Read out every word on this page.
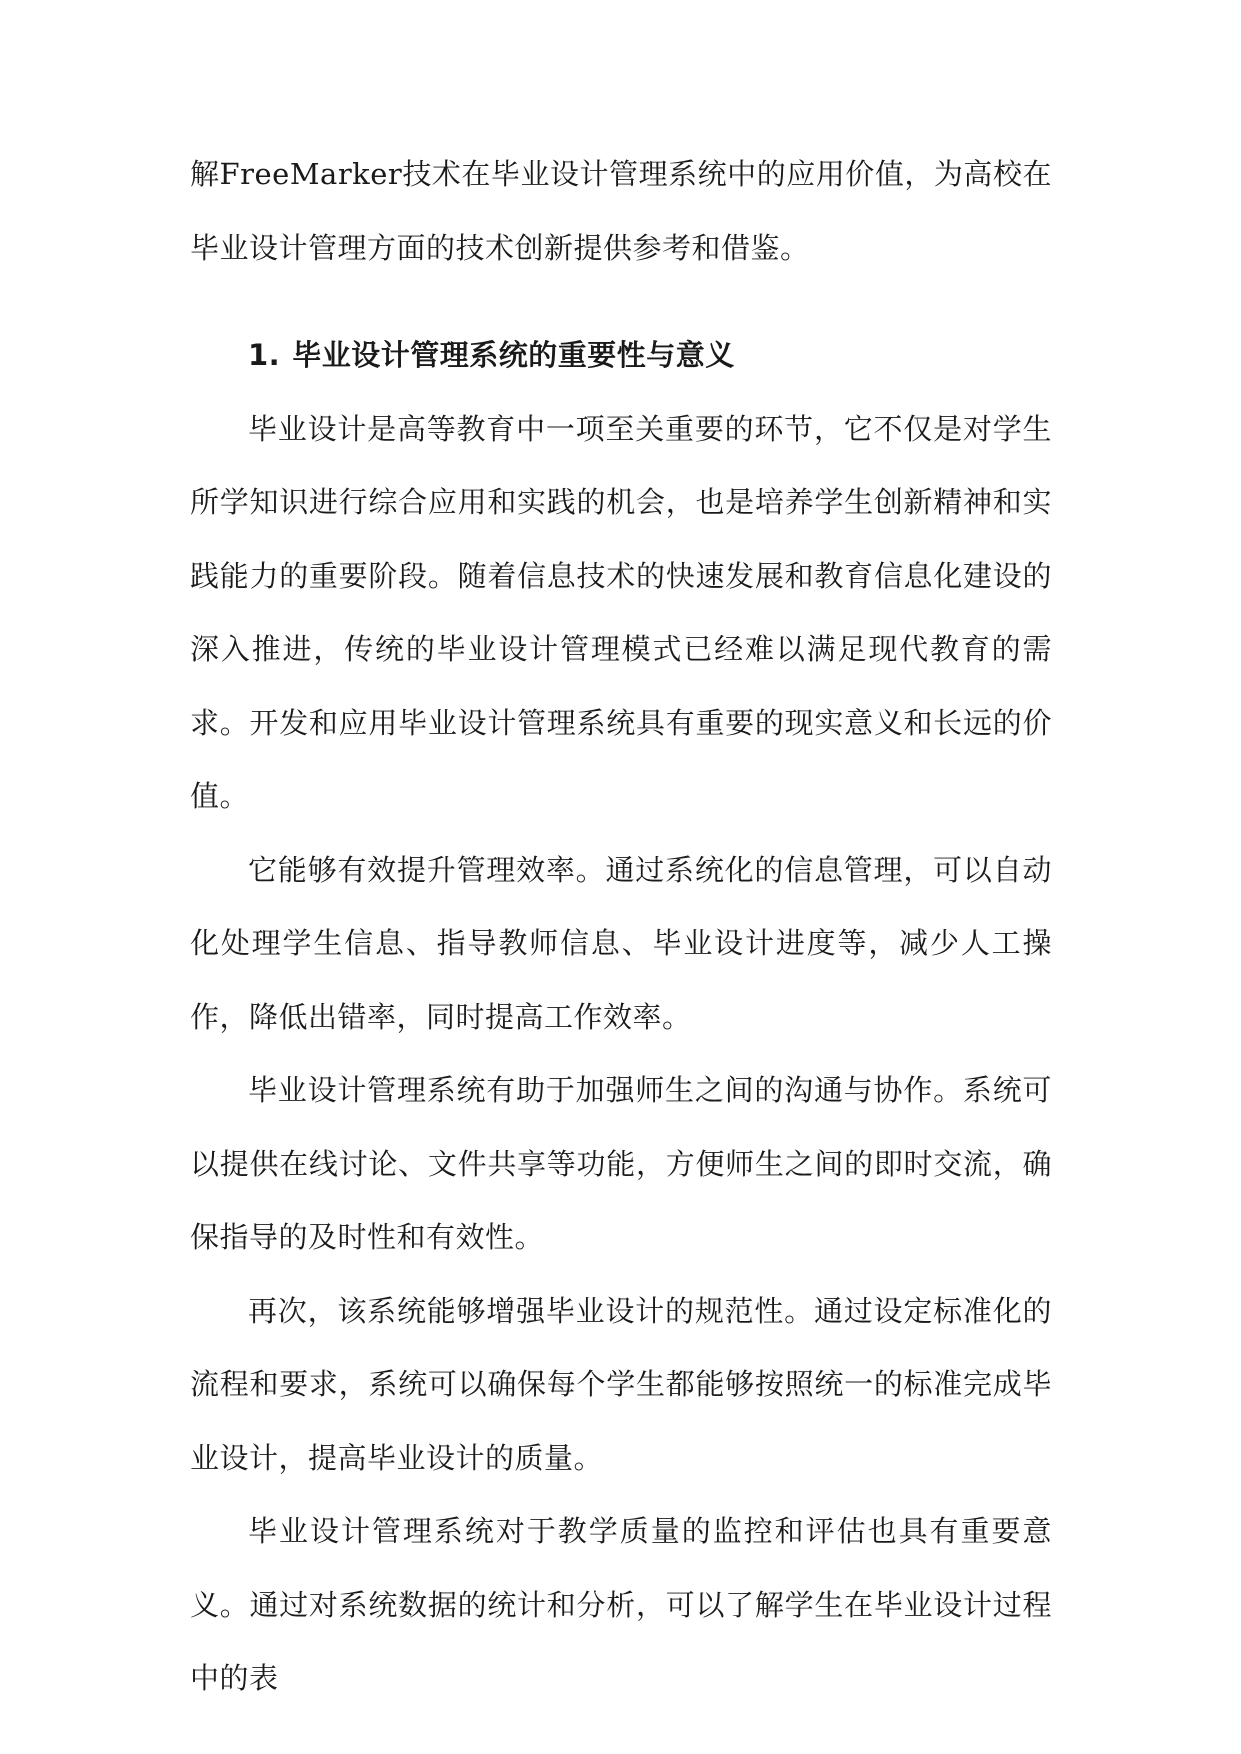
解FreeMarker技术在毕业设计管理系统中的应用价值，为高校在毕业设计管理方面的技术创新提供参考和借鉴。

1. 毕业设计管理系统的重要性与意义

毕业设计是高等教育中一项至关重要的环节，它不仅是对学生所学知识进行综合应用和实践的机会，也是培养学生创新精神和实践能力的重要阶段。随着信息技术的快速发展和教育信息化建设的深入推进，传统的毕业设计管理模式已经难以满足现代教育的需求。开发和应用毕业设计管理系统具有重要的现实意义和长远的价值。

它能够有效提升管理效率。通过系统化的信息管理，可以自动化处理学生信息、指导教师信息、毕业设计进度等，减少人工操作，降低出错率，同时提高工作效率。

毕业设计管理系统有助于加强师生之间的沟通与协作。系统可以提供在线讨论、文件共享等功能，方便师生之间的即时交流，确保指导的及时性和有效性。

再次，该系统能够增强毕业设计的规范性。通过设定标准化的流程和要求，系统可以确保每个学生都能够按照统一的标准完成毕业设计，提高毕业设计的质量。

毕业设计管理系统对于教学质量的监控和评估也具有重要意义。通过对系统数据的统计和分析，可以了解学生在毕业设计过程中的表
